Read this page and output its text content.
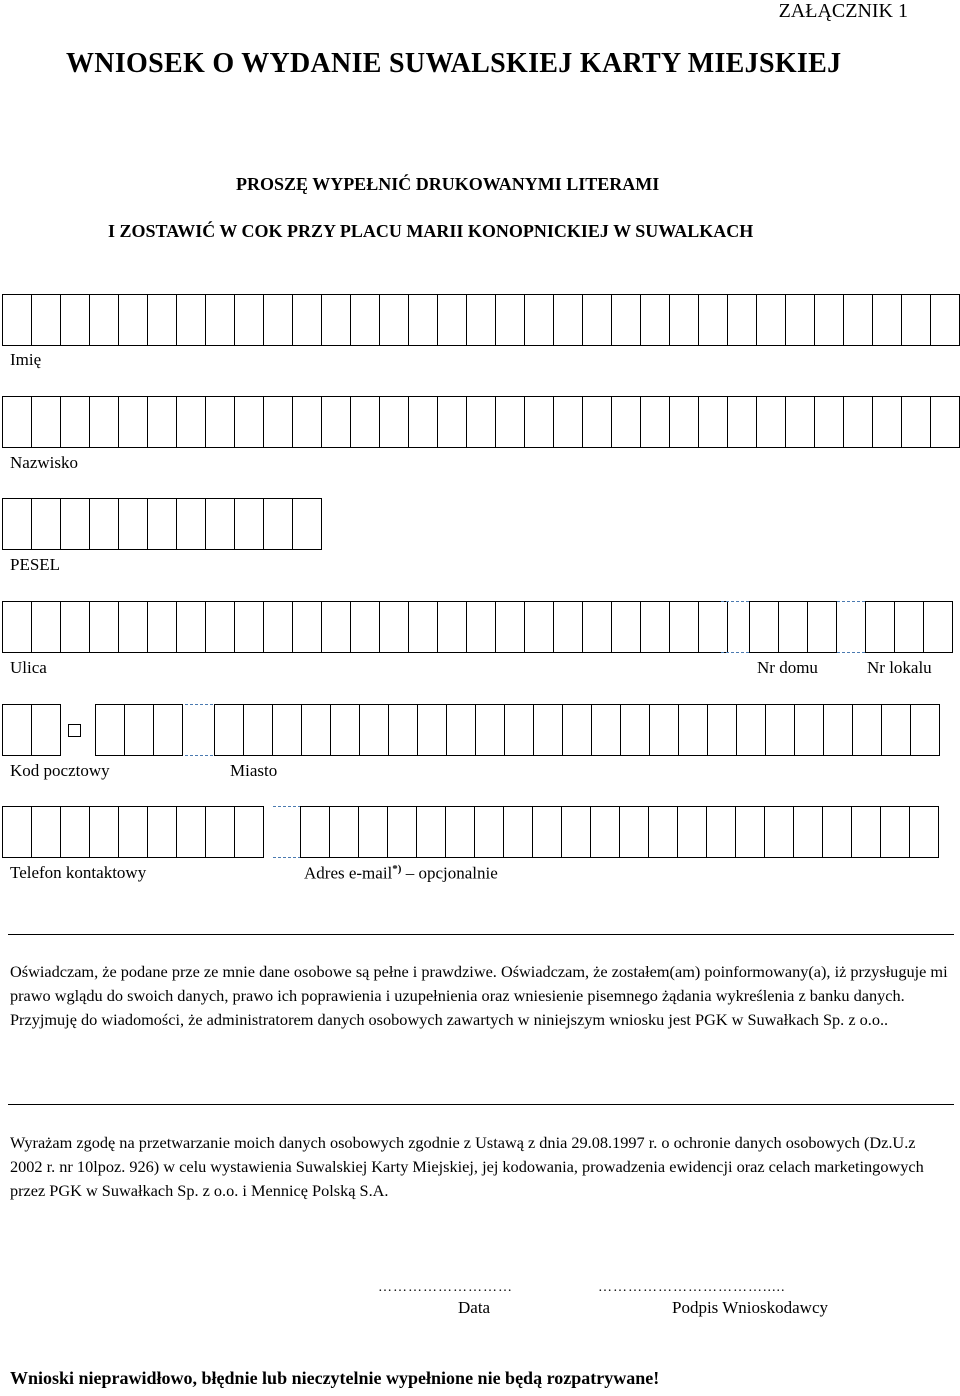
ZAŁĄCZNIK 1
WNIOSEK O WYDANIE SUWALSKIEJ KARTY MIEJSKIEJ
PROSZĘ WYPEŁNIĆ DRUKOWANYMI LITERAMI
I ZOSTAWIĆ W COK PRZY PLACU MARII KONOPNICKIEJ W SUWALKACH
Imię
Nazwisko
PESEL
Ulica	Nr domu	Nr lokalu
Kod pocztowy	Miasto
Telefon kontaktowy	Adres e-mail*) – opcjonalnie
Oświadczam, że podane prze ze mnie dane osobowe są pełne i prawdziwe. Oświadczam, że zostałem(am) poinformowany(a), iż przysługuje mi prawo wglądu do swoich danych, prawo ich poprawienia i uzupełnienia oraz wniesienie pisemnego żądania wykreślenia z banku danych. Przyjmuję do wiadomości, że administratorem danych osobowych zawartych w niniejszym wniosku jest PGK w Suwałkach Sp. z o.o..
Wyrażam zgodę na przetwarzanie moich danych osobowych zgodnie z Ustawą z dnia 29.08.1997 r. o ochronie danych osobowych (Dz.U.z 2002 r. nr 10lpoz. 926) w celu wystawienia Suwalskiej Karty Miejskiej, jej kodowania, prowadzenia ewidencji oraz celach marketingowych przez PGK w Suwałkach Sp. z o.o. i Mennicę Polską S.A.
………………………
Data
…………………………….....
Podpis Wnioskodawcy
Wnioski nieprawidłowo, błędnie lub nieczytelnie wypełnione nie będą rozpatrywane!
